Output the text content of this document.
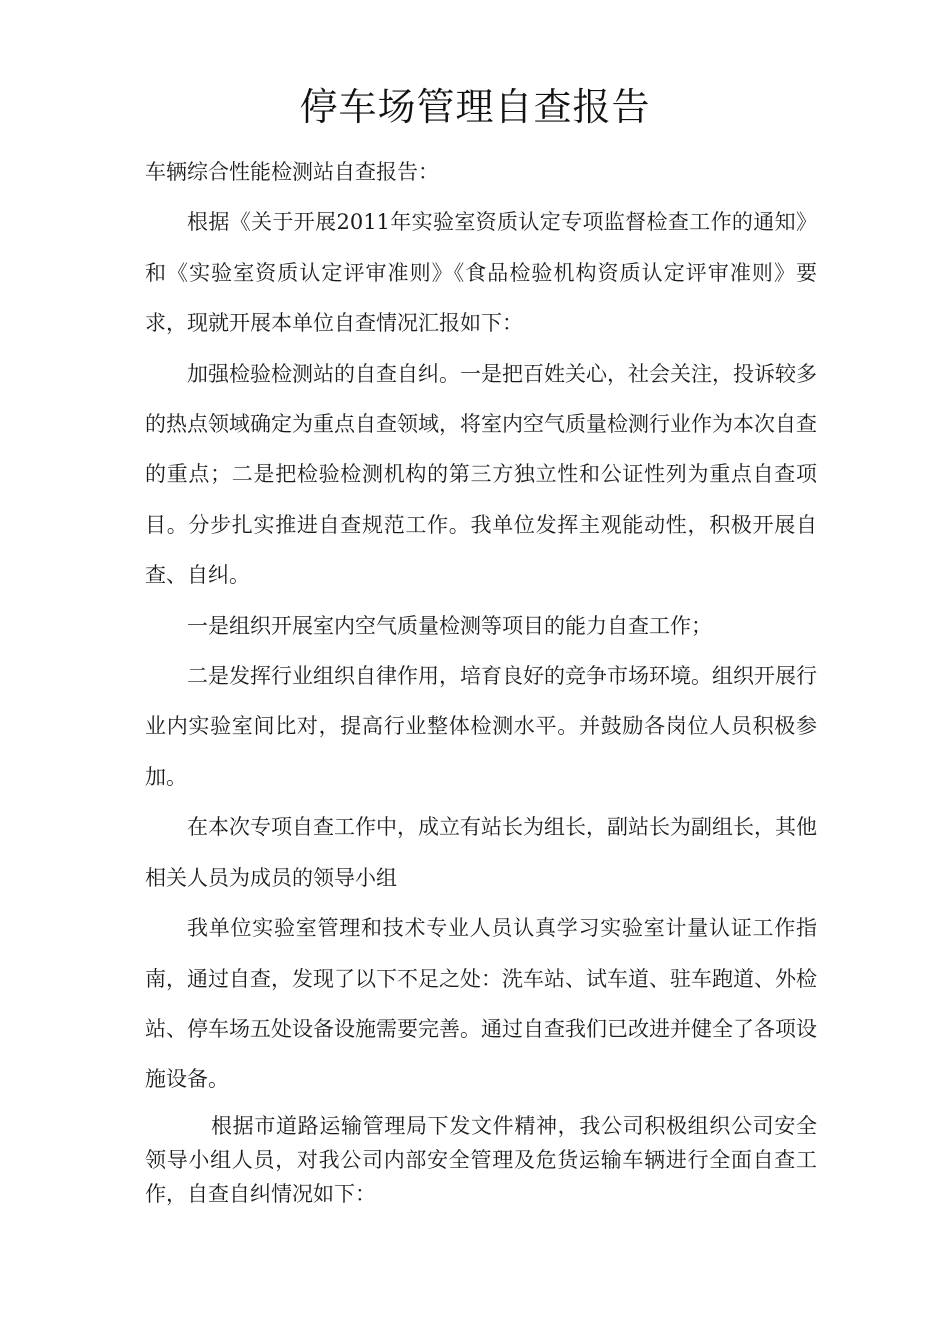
停车场管理自查报告

车辆综合性能检测站自查报告：

根据《关于开展2011年实验室资质认定专项监督检查工作的通知》和《实验室资质认定评审准则》《食品检验机构资质认定评审准则》要求，现就开展本单位自查情况汇报如下：

加强检验检测站的自查自纠。一是把百姓关心，社会关注，投诉较多的热点领域确定为重点自查领域，将室内空气质量检测行业作为本次自查的重点；二是把检验检测机构的第三方独立性和公证性列为重点自查项目。分步扎实推进自查规范工作。我单位发挥主观能动性，积极开展自查、自纠。

一是组织开展室内空气质量检测等项目的能力自查工作；

二是发挥行业组织自律作用，培育良好的竞争市场环境。组织开展行业内实验室间比对，提高行业整体检测水平。并鼓励各岗位人员积极参加。

在本次专项自查工作中，成立有站长为组长，副站长为副组长，其他相关人员为成员的领导小组

我单位实验室管理和技术专业人员认真学习实验室计量认证工作指南，通过自查，发现了以下不足之处：洗车站、试车道、驻车跑道、外检站、停车场五处设备设施需要完善。通过自查我们已改进并健全了各项设施设备。

根据市道路运输管理局下发文件精神，我公司积极组织公司安全领导小组人员，对我公司内部安全管理及危货运输车辆进行全面自查工作，自查自纠情况如下：
